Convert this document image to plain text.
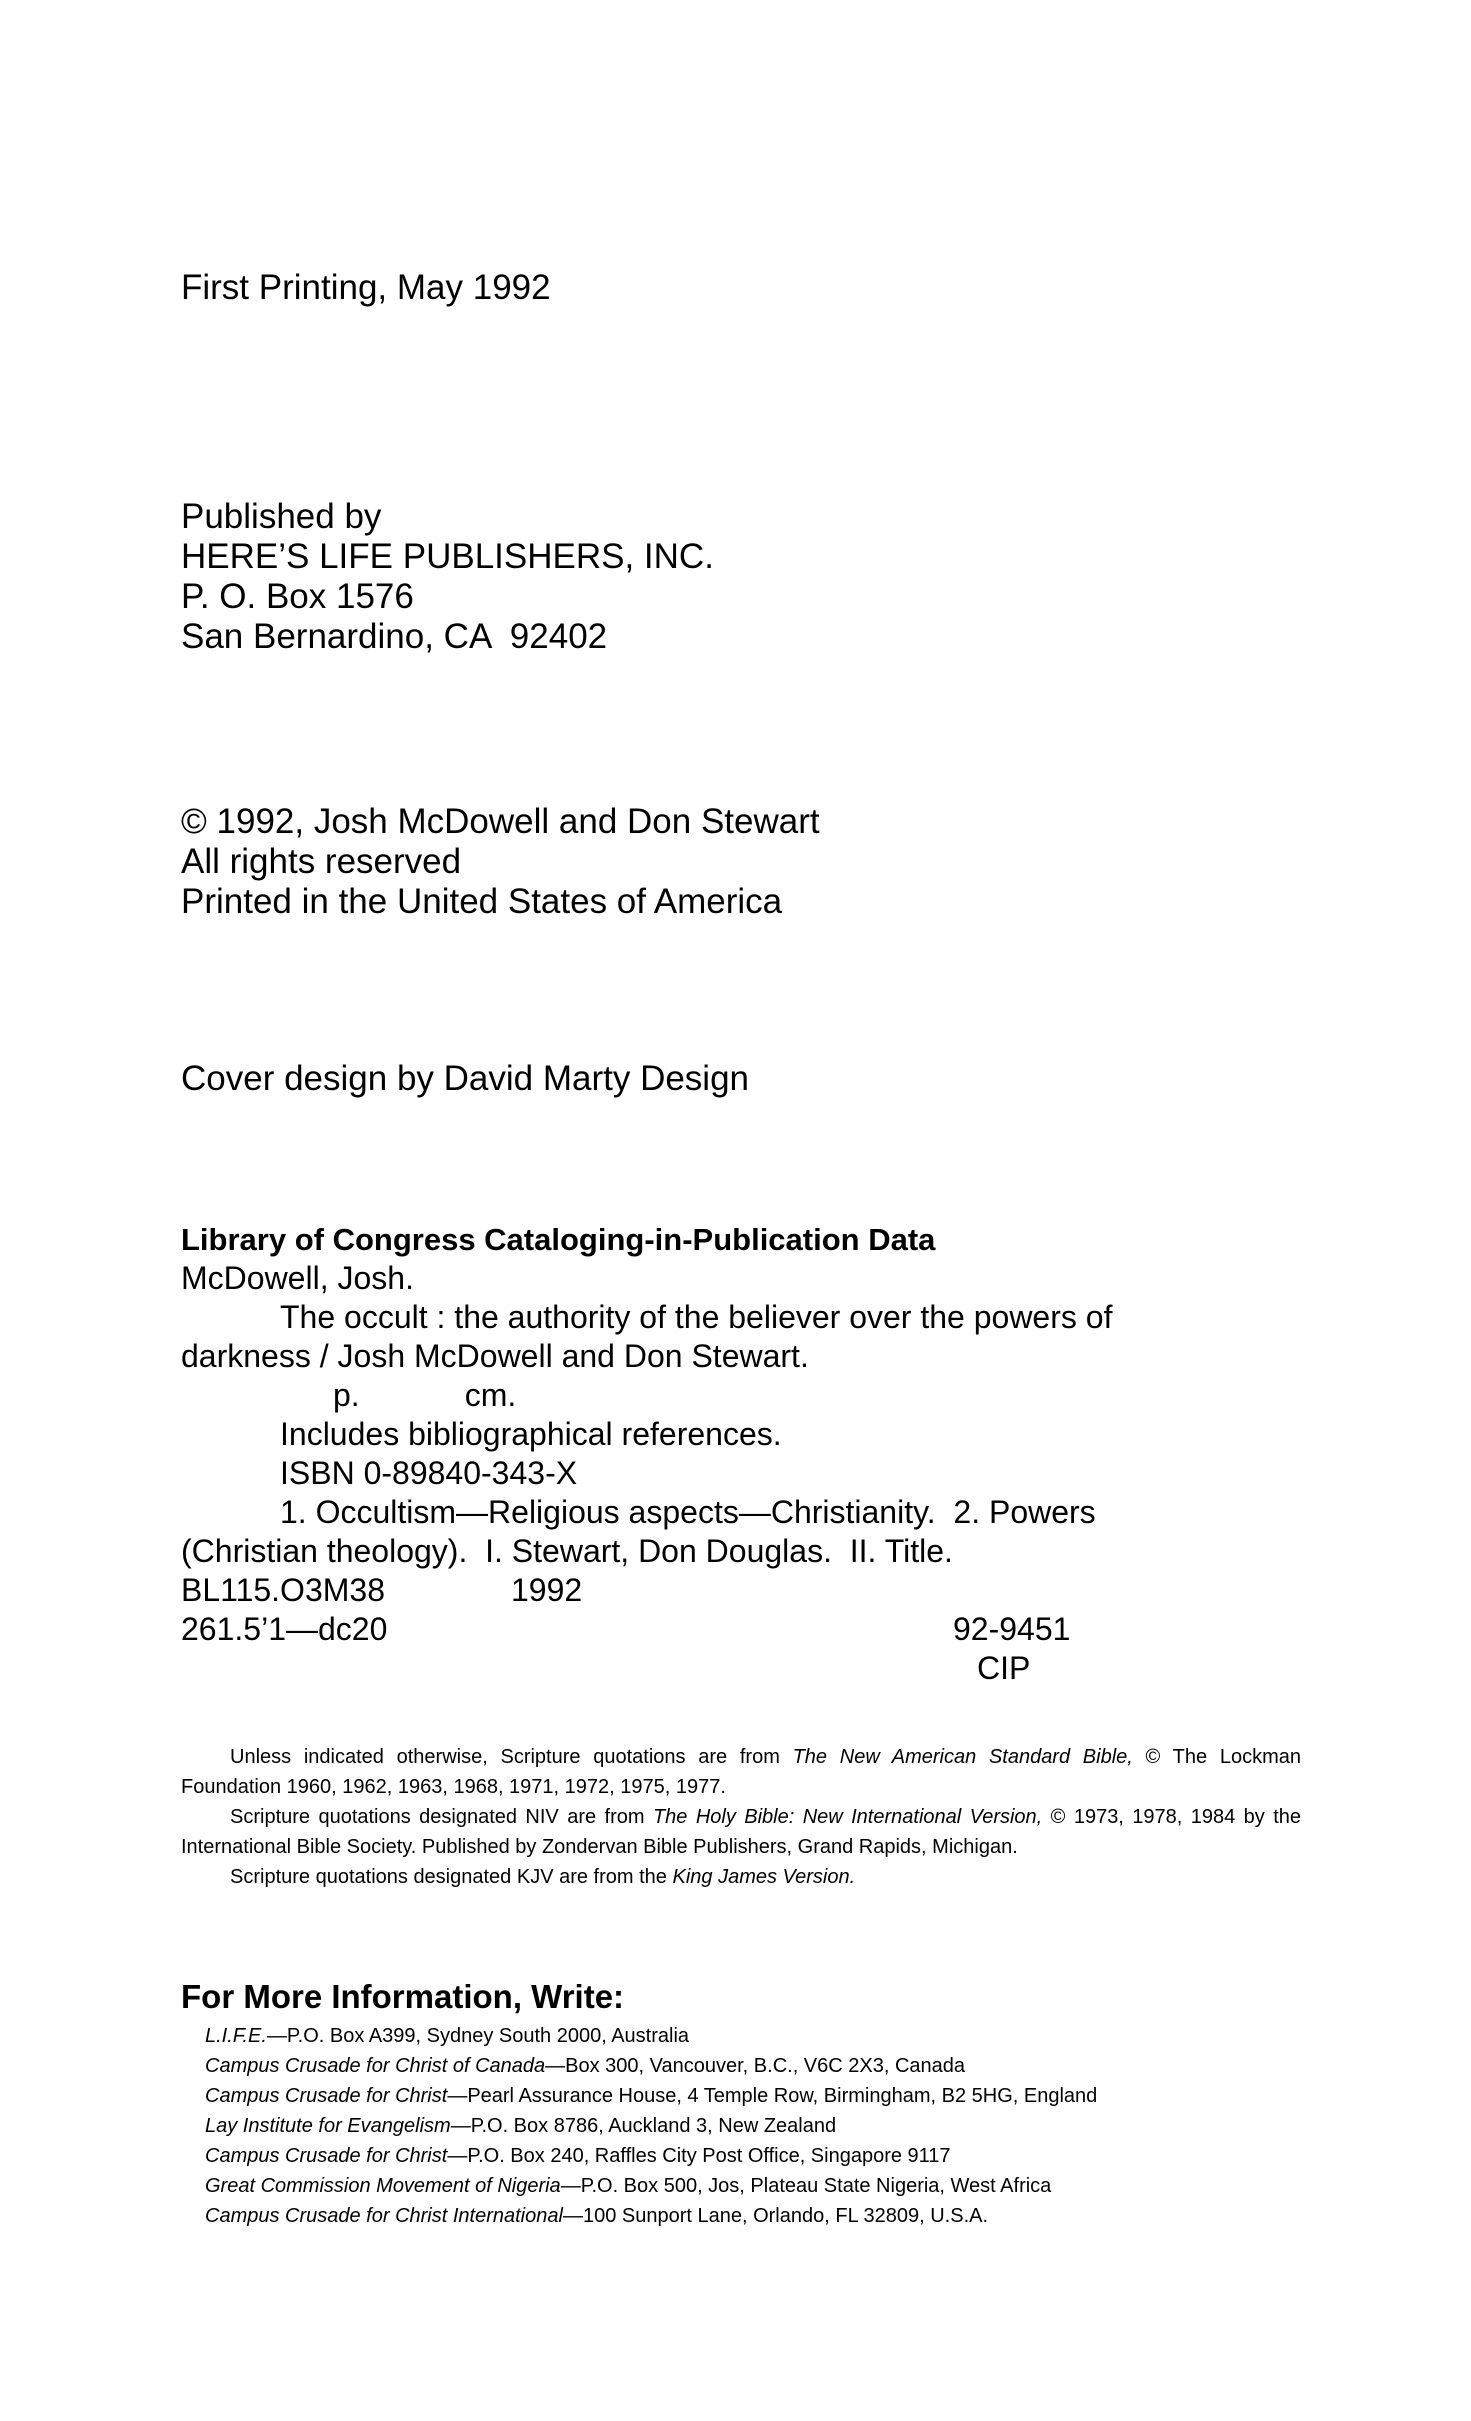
First Printing, May 1992
Published by
HERE’S LIFE PUBLISHERS, INC.
P. O. Box 1576
San Bernardino, CA  92402
© 1992, Josh McDowell and Don Stewart
All rights reserved
Printed in the United States of America
Cover design by David Marty Design
Library of Congress Cataloging-in-Publication Data
McDowell, Josh.
The occult : the authority of the believer over the powers of
darkness / Josh McDowell and Don Stewart.
p.	cm.
Includes bibliographical references.
ISBN 0-89840-343-X
1. Occultism—Religious aspects—Christianity.  2. Powers
(Christian theology).  I. Stewart, Don Douglas.  II. Title.
BL115.O3M38	1992
261.5’1—dc20	92-9451
CIP

Unless indicated otherwise, Scripture quotations are from The New American Standard Bible, © The Lockman Foundation 1960, 1962, 1963, 1968, 1971, 1972, 1975, 1977.

Scripture quotations designated NIV are from The Holy Bible: New International Version, © 1973, 1978, 1984 by the International Bible Society. Published by Zondervan Bible Publishers, Grand Rapids, Michigan.

Scripture quotations designated KJV are from the King James Version.

For More Information, Write:
L.I.F.E.—P.O. Box A399, Sydney South 2000, Australia
Campus Crusade for Christ of Canada—Box 300, Vancouver, B.C., V6C 2X3, Canada
Campus Crusade for Christ—Pearl Assurance House, 4 Temple Row, Birmingham, B2 5HG, England
Lay Institute for Evangelism—P.O. Box 8786, Auckland 3, New Zealand
Campus Crusade for Christ—P.O. Box 240, Raffles City Post Office, Singapore 9117
Great Commission Movement of Nigeria—P.O. Box 500, Jos, Plateau State Nigeria, West Africa
Campus Crusade for Christ International—100 Sunport Lane, Orlando, FL 32809, U.S.A.
